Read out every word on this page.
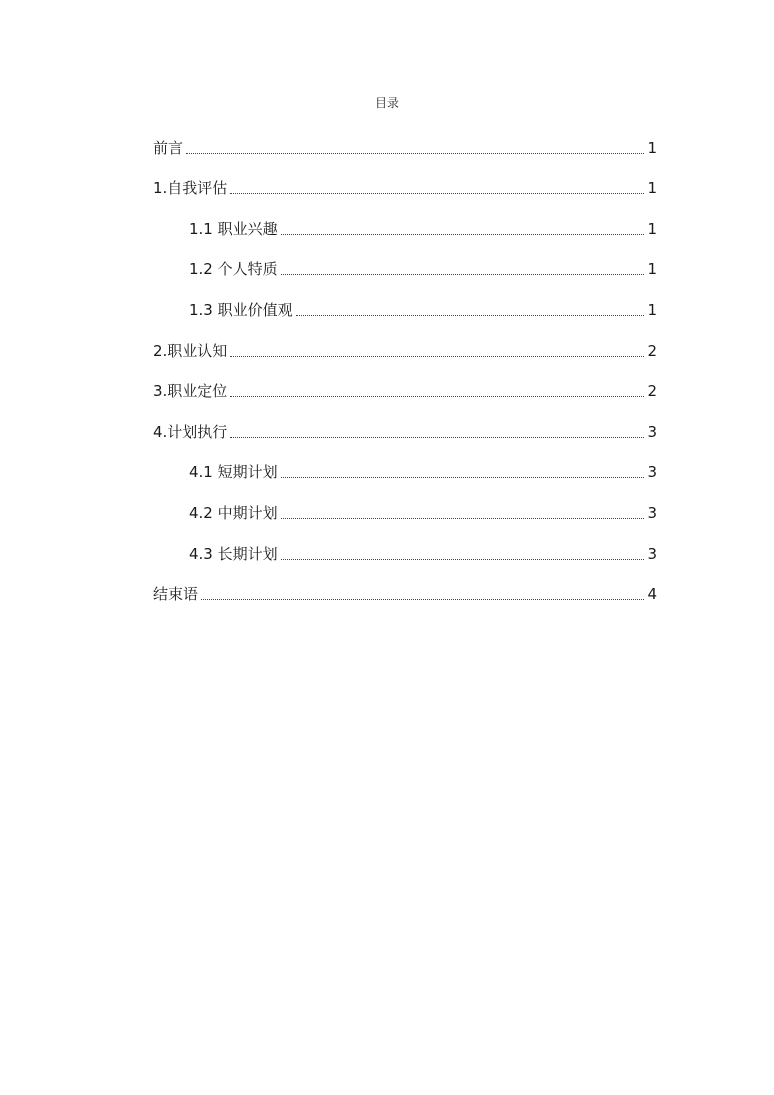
目录
前言	1
1.自我评估	1
1.1 职业兴趣	1
1.2 个人特质	1
1.3 职业价值观	1
2.职业认知	2
3.职业定位	2
4.计划执行	3
4.1 短期计划	3
4.2 中期计划	3
4.3 长期计划	3
结束语	4
